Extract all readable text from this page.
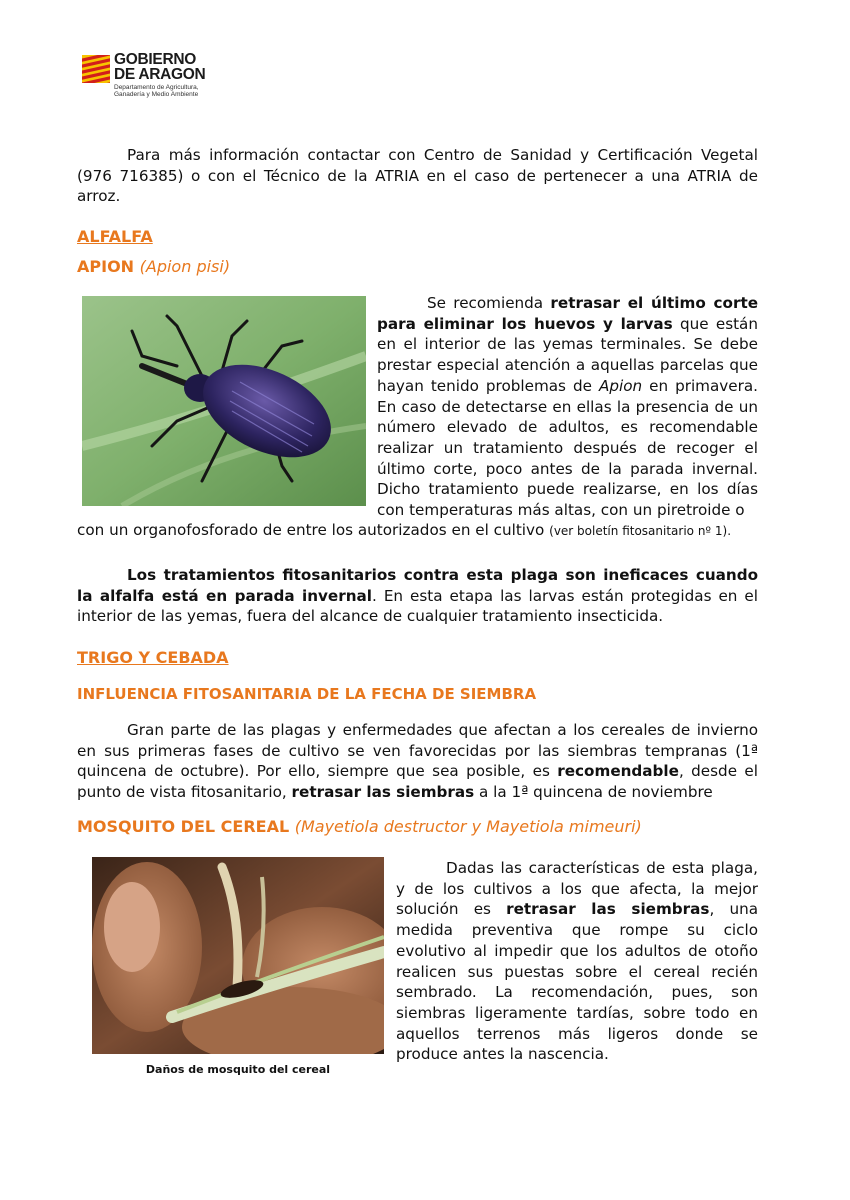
GOBIERNO
DE ARAGON
Departamento de Agricultura,
Ganadería y Medio Ambiente

Para más información contactar con Centro de Sanidad y Certificación Vegetal (976 716385) o con el Técnico de la ATRIA en el caso de pertenecer a una ATRIA de arroz.

ALFALFA
APION (Apion pisi)

Se recomienda retrasar el último corte para eliminar los huevos y larvas que están en el interior de las yemas terminales. Se debe prestar especial atención a aquellas parcelas que hayan tenido problemas de Apion en primavera. En caso de detectarse en ellas la presencia de un número elevado de adultos, es recomendable realizar un tratamiento después de recoger el último corte, poco antes de la parada invernal. Dicho tratamiento puede realizarse, en los días con temperaturas más altas, con un piretroide o

con un organofosforado de entre los autorizados en el cultivo (ver boletín fitosanitario nº 1).

Los tratamientos fitosanitarios contra esta plaga son ineficaces cuando la alfalfa está en parada invernal. En esta etapa las larvas están protegidas en el interior de las yemas, fuera del alcance de cualquier tratamiento insecticida.

TRIGO Y CEBADA
INFLUENCIA FITOSANITARIA DE LA FECHA DE SIEMBRA

Gran parte de las plagas y enfermedades que afectan a los cereales de invierno en sus primeras fases de cultivo se ven favorecidas por las siembras tempranas (1ª quincena de octubre). Por ello, siempre que sea posible, es recomendable, desde el punto de vista fitosanitario, retrasar las siembras a la 1ª quincena de noviembre

MOSQUITO DEL CEREAL (Mayetiola destructor y Mayetiola mimeuri)
Daños de mosquito del cereal

Dadas las características de esta plaga, y de los cultivos a los que afecta, la mejor solución es retrasar las siembras, una medida preventiva que rompe su ciclo evolutivo al impedir que los adultos de otoño realicen sus puestas sobre el cereal recién sembrado. La recomendación, pues, son siembras ligeramente tardías, sobre todo en aquellos terrenos más ligeros donde se produce antes la nascencia.
